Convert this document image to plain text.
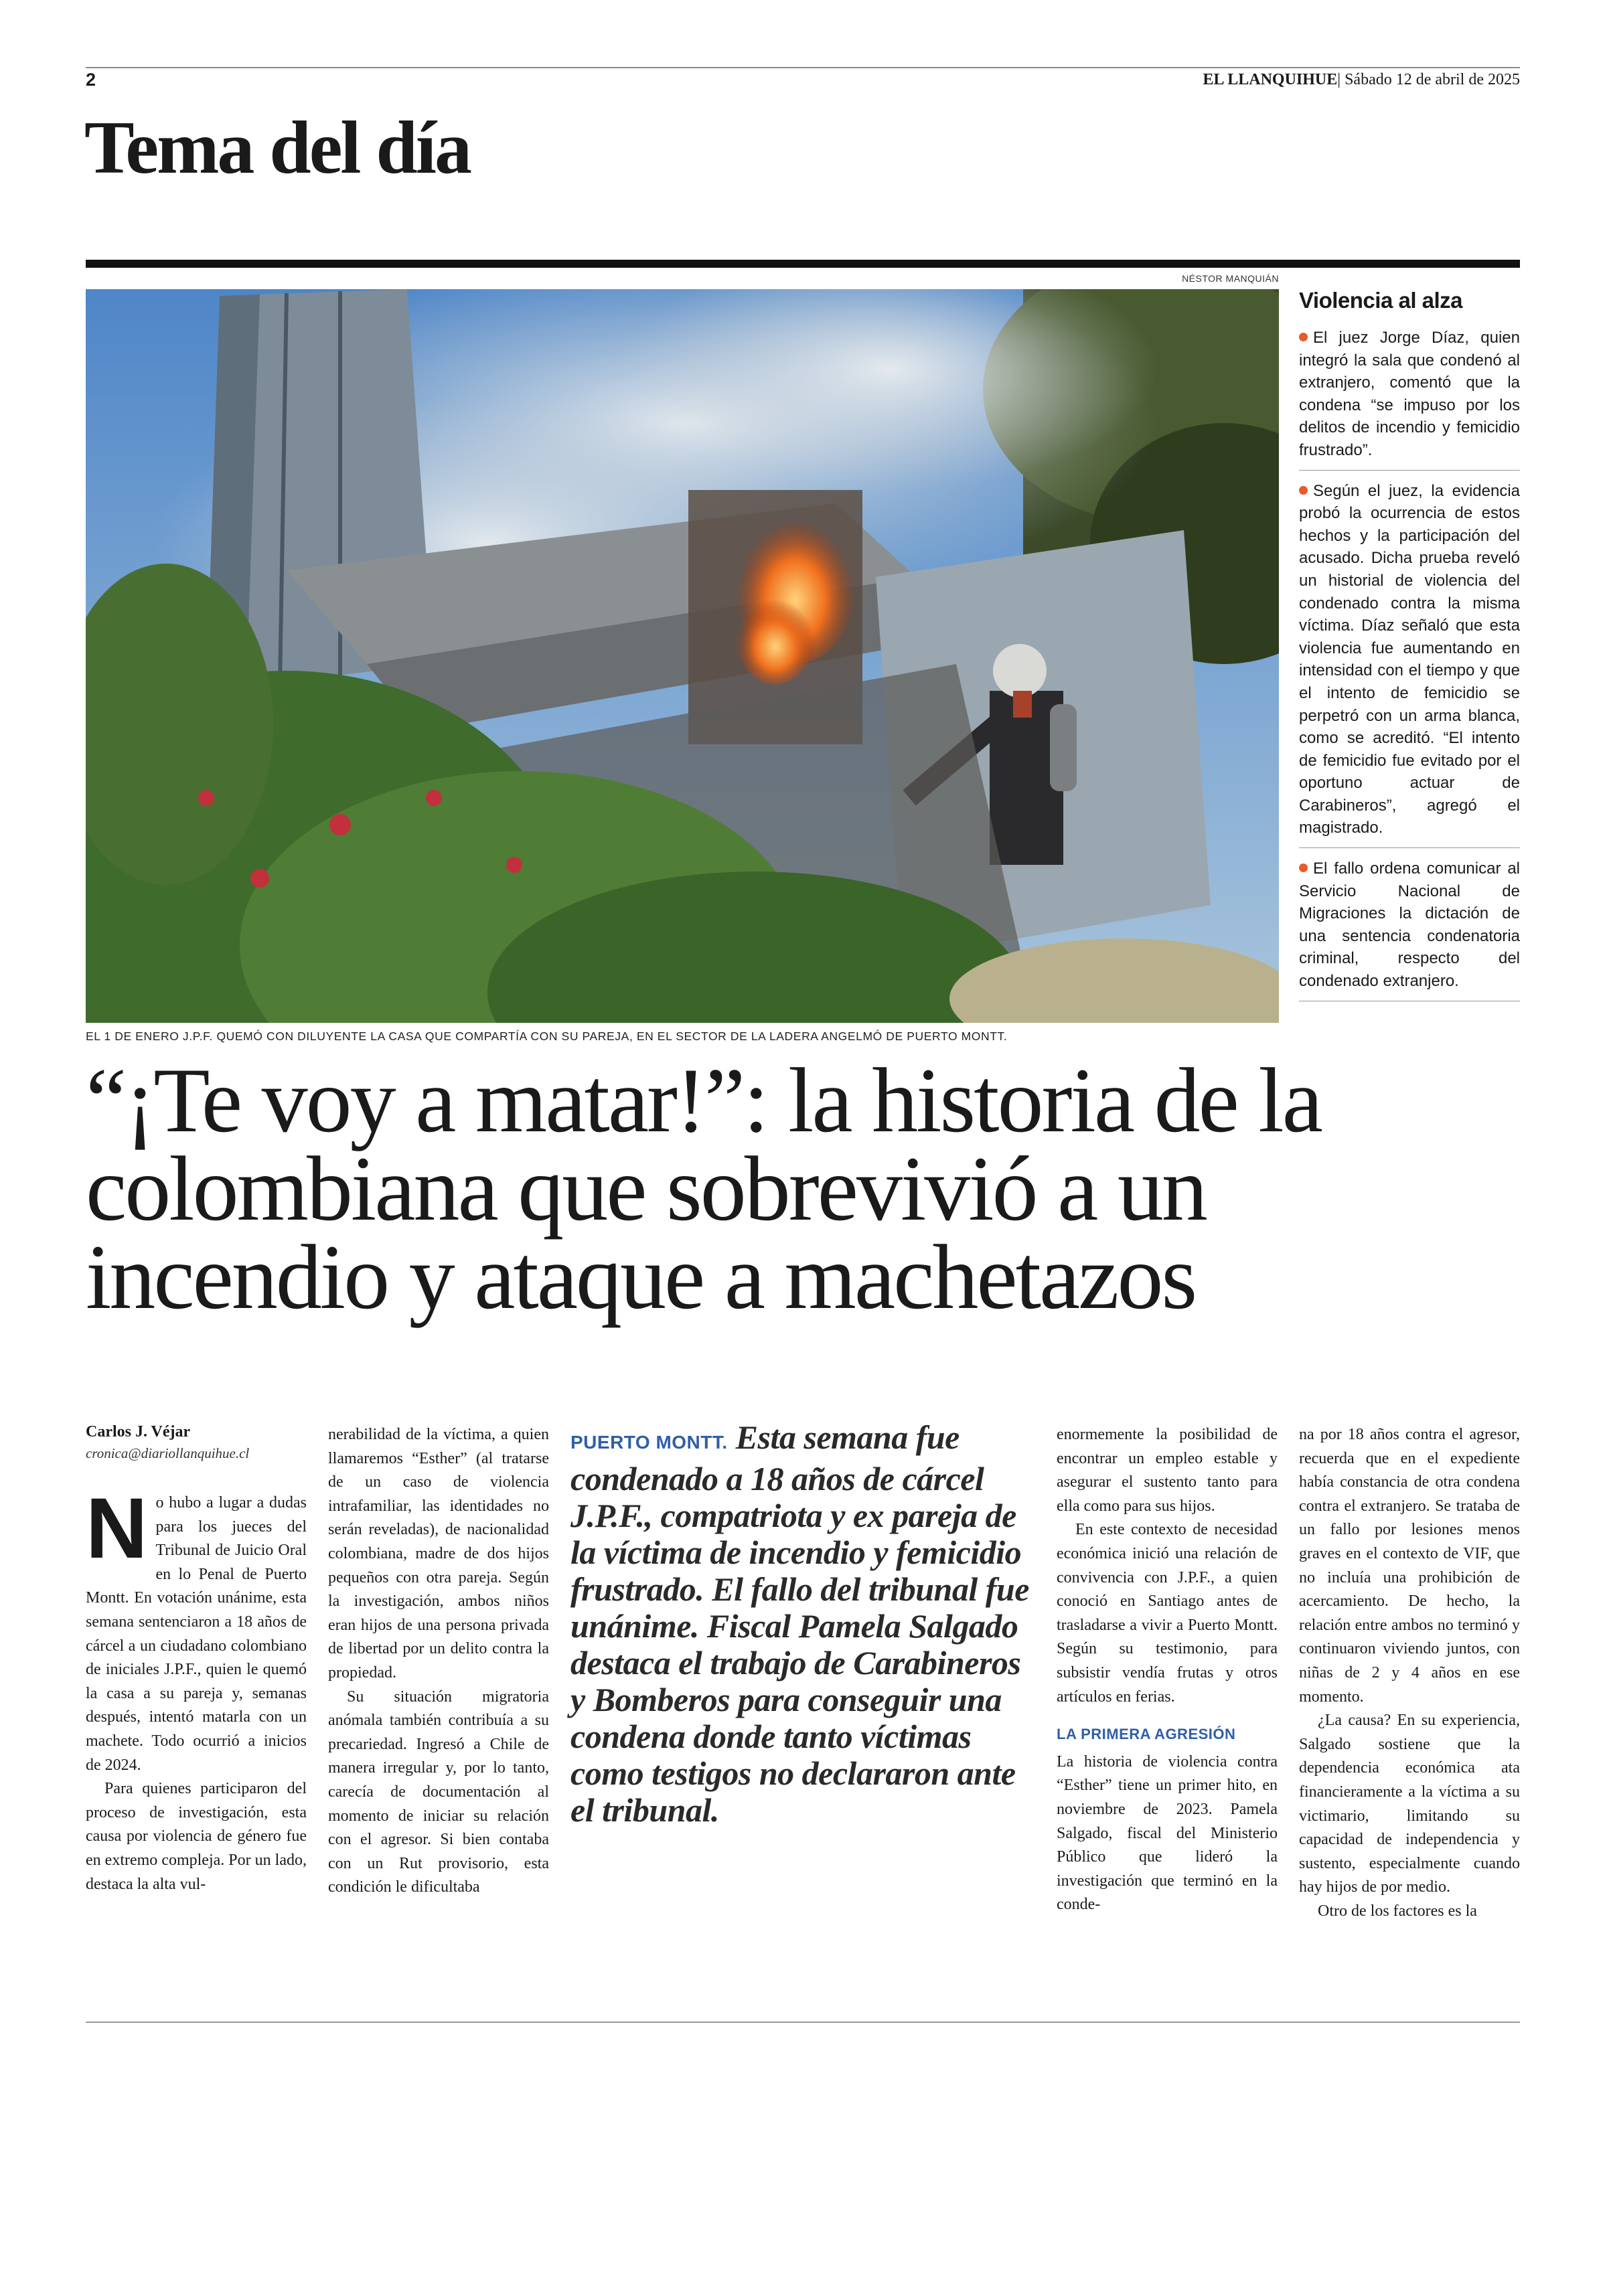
2	EL LLANQUIHUE| Sábado 12 de abril de 2025
Tema del día
NÉSTOR MANQUIÁN
EL 1 DE ENERO J.P.F. QUEMÓ CON DILUYENTE LA CASA QUE COMPARTÍA CON SU PAREJA, EN EL SECTOR DE LA LADERA ANGELMÓ DE PUERTO MONTT.
Violencia al alza
El juez Jorge Díaz, quien integró la sala que condenó al extranjero, comentó que la condena “se impuso por los delitos de incendio y femicidio frustrado”.
Según el juez, la evidencia probó la ocurrencia de estos hechos y la participación del acusado. Dicha prueba reveló un historial de violencia del condenado contra la misma víctima. Díaz señaló que esta violencia fue aumentando en intensidad con el tiempo y que el intento de femicidio se perpetró con un arma blanca, como se acreditó. “El intento de femicidio fue evitado por el oportuno actuar de Carabineros”, agregó el magistrado.
El fallo ordena comunicar al Servicio Nacional de Migraciones la dictación de una sentencia condenatoria criminal, respecto del condenado extranjero.
“¡Te voy a matar!”: la historia de la colombiana que sobrevivió a un incendio y ataque a machetazos
Carlos J. Véjar
cronica@diariollanquihue.cl

No hubo a lugar a dudas para los jueces del Tribunal de Juicio Oral en lo Penal de Puerto Montt. En votación unánime, esta semana sentenciaron a 18 años de cárcel a un ciudadano colombiano de iniciales J.P.F., quien le quemó la casa a su pareja y, semanas después, intentó matarla con un machete. Todo ocurrió a inicios de 2024.

Para quienes participaron del proceso de investigación, esta causa por violencia de género fue en extremo compleja. Por un lado, destaca la alta vul-

nerabilidad de la víctima, a quien llamaremos “Esther” (al tratarse de un caso de violencia intrafamiliar, las identidades no serán reveladas), de nacionalidad colombiana, madre de dos hijos pequeños con otra pareja. Según la investigación, ambos niños eran hijos de una persona privada de libertad por un delito contra la propiedad.

Su situación migratoria anómala también contribuía a su precariedad. Ingresó a Chile de manera irregular y, por lo tanto, carecía de documentación al momento de iniciar su relación con el agresor. Si bien contaba con un Rut provisorio, esta condición le dificultaba

PUERTO MONTT. Esta semana fue condenado a 18 años de cárcel J.P.F., compatriota y ex pareja de la víctima de incendio y femicidio frustrado. El fallo del tribunal fue unánime. Fiscal Pamela Salgado destaca el trabajo de Carabineros y Bomberos para conseguir una condena donde tanto víctimas como testigos no declararon ante el tribunal.

enormemente la posibilidad de encontrar un empleo estable y asegurar el sustento tanto para ella como para sus hijos.

En este contexto de necesidad económica inició una relación de convivencia con J.P.F., a quien conoció en Santiago antes de trasladarse a vivir a Puerto Montt. Según su testimonio, para subsistir vendía frutas y otros artículos en ferias.

LA PRIMERA AGRESIÓN

La historia de violencia contra “Esther” tiene un primer hito, en noviembre de 2023. Pamela Salgado, fiscal del Ministerio Público que lideró la investigación que terminó en la conde-

na por 18 años contra el agresor, recuerda que en el expediente había constancia de otra condena contra el extranjero. Se trataba de un fallo por lesiones menos graves en el contexto de VIF, que no incluía una prohibición de acercamiento. De hecho, la relación entre ambos no terminó y continuaron viviendo juntos, con niñas de 2 y 4 años en ese momento.

¿La causa? En su experiencia, Salgado sostiene que la dependencia económica ata financieramente a la víctima a su victimario, limitando su capacidad de independencia y sustento, especialmente cuando hay hijos de por medio.

Otro de los factores es la
